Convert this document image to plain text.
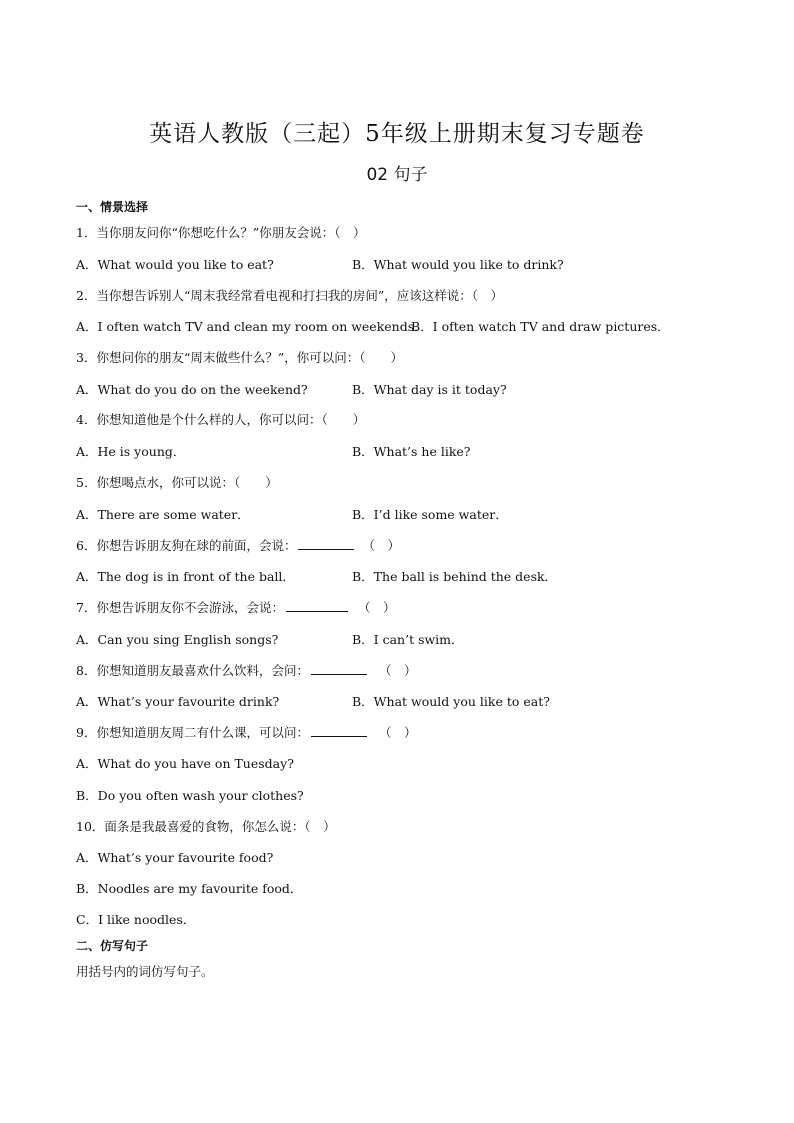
英语人教版（三起）5年级上册期末复习专题卷
02 句子
一、情景选择
1．当你朋友问你“你想吃什么？”你朋友会说：（　）
A．What would you like to eat?	B．What would you like to drink?
2．当你想告诉别人“周末我经常看电视和打扫我的房间”，应该这样说：（　）
A．I often watch TV and clean my room on weekends．
B．I often watch TV and draw pictures．
3．你想问你的朋友“周末做些什么？”，你可以问：（　　）
A．What do you do on the weekend?	B．What day is it today?
4．你想知道他是个什么样的人，你可以问：（　　）
A．He is young．	B．What’s he like?
5．你想喝点水，你可以说：（　　）
A．There are some water．	B．I’d like some water．
6．你想告诉朋友狗在球的前面，会说：	（　）
A．The dog is in front of the ball．	B．The ball is behind the desk．
7．你想告诉朋友你不会游泳，会说：	（　）
A．Can you sing English songs?	B．I can’t swim．
8．你想知道朋友最喜欢什么饮料，会问：	（　）
A．What’s your favourite drink?	B．What would you like to eat?
9．你想知道朋友周二有什么课，可以问：	（　）
A．What do you have on Tuesday?
B．Do you often wash your clothes?
10．面条是我最喜爱的食物，你怎么说：（　）
A．What’s your favourite food?
B．Noodles are my favourite food．
C．I like noodles．
二、仿写句子
用括号内的词仿写句子。
